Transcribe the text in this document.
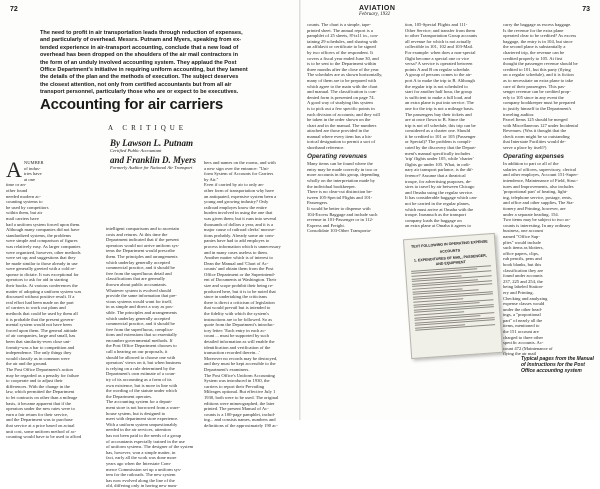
72
The need to profit in air transportation leads through reduction of expenses,
and particularly of overhead. Messrs. Putnam and Myers, speaking from ex-
tended experience in air-transport accounting, conclude that a new load of
overhead has been dropped on the shoulders of the air mail contractors in
the form of an unduly involved accounting system. They applaud the Post
Office Department's initiative in requiring uniform accounting, but they lament
the details of the plan and the methods of execution. The subject deserves
the closest attention, not only from certified accountants but from all air
transport personnel, particularly those who are or expect to be executives.
Accounting for air carriers
A CRITIQUE
By Lawson L. Putnam
Certified Public Accountant
and Franklin D. Myers
Formerly Auditor for National Air Transport
A NUMBER
of indus-
tries have
at one
time or an-
other found
needed modern ac-
counting systems to
be used by competitors
within them, but air
mail carriers have
had a uniform system forced upon them.
Although many companies did not have
standardized systems, the problems
were simple and comparison of figures
was relatively easy. As larger companies
were organized, however, other methods
were set up; and suggestions that they
be made similar to those already in use
were generally greeted with a cold re-
sponse to dictate. It was exceptional for
operators to ask for aid in starting
their books. At various conferences the
matter of adopting a uniform system was
discussed without positive result. If a
real effort had been made on the part
of carriers to work out plans and
methods that could be used by them all
it is probable that the present govern-
mental system would not have been
forced upon them. The general attitude
of air companies, large and small, has
been that similarity-even close uni-
formity-was a bar to competition and
independence. The only things they
would classify as in common were
the air and the ground.
The Post Office Department's action
may be regarded as a penalty for failure
to cooperate and to adjust their
differences. With the change in the
law, which permitted the Department
to let contracts on other than a mileage
basis, it became apparent that if the
operators under the new rates were to
earn a fair return for their service,
and the Department was to purchase
that service at a price based on actual
unit cost, some uniform method of ac-
counting would have to be used to afford
intelligent comparisons and to ascertain
costs and returns. At this time the
Department indicated that if the present
operators would not arrive uniform sys-
tems the Department would prescribe
them. The principles and arrangements
which underlay generally accepted
commercial practice, and it should be
free from the superfluous detail and
classifications that are generally
thrown about public accountants.
Whatever system is evolved should
provide the same information that pre-
vious systems would want for itself,
in as simple and direct a way as pos-
sible. The principles and arrangements
which underlay generally accepted
commercial practice, and it should be
free from the superfluous, complica-
tions and extensions that so essentially
encumber governmental methods. If
the Post Office Department chooses to
call a hearing on our proposals, it
should be allowed to choose one with
operators' views on it, but when business
is relying on a rule determined by the
Department's own estimate of a coun-
try of its accounting as a form of its
own existence, but is more in line with
the wording of the statute under which
the Department operates.
The accounting system for a depart-
ment store is not borrowed from a ware-
house system, but is designed to
meet with department store experience.
With a uniform system unquestionably
needed in the air services, attention
has not been paid to the needs of a group
of accountants especially trained in the use
of uniform systems. The designer of the system
has, however, won a simple matter, in
fact, early all the work was done more
years ago when the Interstate Com-
merce Commission set up a uniform sys-
tem for the railroads. The new system
has now evolved along the line of the
old, differing only in having new num-
bers and names on the rooms, and with
a new sign over the entrance: "Uni-
form System of Accounts for Carriers
by Air."
Even if carried by air to only an-
other form of transportation why have
an antiquated, expensive system been a
young and growing industry? Only
railroad employes know the entire
burden involved in using the one that
was given them; but it runs into several
thousands of dollars a year, and it is a
major cause of railroad clerks' morose-
tions probably. Already some air com-
panies have had to add employes to
process information which is unnecessary
and in many cases useless to them.
Another matter which is of interest to
Dean the Manual and 'Chart of Ac-
counts' and obtain them from the Post
Office Department or the Superintend-
ent of Documents at Washington. Their
size and scope prohibit their being re-
produced here, but it is to be noted that
since in undertaking the criticisms
there is direct a criticism of legislation
that would prevail but is intended to
the fidelity with which the system's
instructions are to be followed. So as
quote from the Department's introduc-
tory letter: 'Each entry in each ac-
count ... must be supported by such
detailed information as will enable the
identification and verification of the
transaction recorded therein...'
Moreover no records may be destroyed,
and they must be kept accessible to the
Department's examiners.
The Post Office's Uniform Accounting
System was introduced in 1930, the
carriers to report their Prevailing
Mileages optional. But effective July 1
1930, both were to be used. The original
editions were mimeographed, the later
printed. The present Manual of Ac-
counts is a 100-page pamphlet, includ-
ing... and consists names, numbers and
definitions of the approximately 190 ac-
AVIATION
February, 1932
73
counts. The chart is a simple, tape-
printed sheet. The annual report is a
pamphlet of 25 sheets, 8½x11 in., con-
taining 29 schedules, and sharing with
an affidavit or certificate to be signed
by two officers of the respondent. It
covers a fiscal year ended June 30, and
is to be sent to the Department within
three months after the close of the year.
The schedules are as shown horizontally,
many of them are to be prepared with
which agree to the main with the chart
and manual. The classification is con-
denied form is presented on page 74.
A good way of studying this system
is to pick out a few specific points in
each division of accounts; and they will
be taken in the order shown on the
chart and in the manual. The numbers
attached are those provided in the
manual where every item has a his-
torical designation to permit a sort of
shorthand reference.
Operating revenues
Many items can be found where the
entry may be made correctly in two or
more accounts in this group, depending
wholly on the interpretation made by
the individual bookkeeper.
There is no clear-cut distinction be-
tween 105-Special Flights and 101-
Passengers.
It would be better to dispense with
104-Excess Baggage and include such
revenue in 101-Passenger or in 112-
Express and Freight.
Consolidate 103-Other Transporta-
tion, 105-Special Flights and 111-
Other Service; and transfer from them
to other Transportation Group accounts
all revenue for which is not actually
collectible in 101, 102 and 103-Mail.
For example: when does a non-special
flight become a special one or vice
versa? A service is operated between
points A and B on regular schedule.
A group of persons comes to the air-
port A to make the trip to B. Although
the regular trip is not scheduled to
start for another half hour, the group
is sufficient to make a full load, and
an extra plane is put into service. The
one for the trip is not a mileage basis.
The passengers buy their tickets and
are at once flown to B. Since the
trip is not off schedule, this trip can be
considered as a charter one. Should
it be credited to 101 or 105 (Passenger
or Special)? The problem is compli-
cated by the discovery that the Depart-
ment's manual specifically includes
'trip' flights under 105, while 'charter'
flights go under 105. What, in ordi-
nary air transport parlance, is the dif-
ference? Assume that a theatrical
troupe, for advertising purposes, de-
sires to travel by air between Chicago
and Omaha using the regular service.
It has considerable baggage which can-
not be carried in the regular planes,
which must arrive at Omaha with the
troupe. Inasmuch as the transport
company loads the baggage on
an extra plane at Omaha it agrees to
carry the baggage as excess baggage.
Is the revenue for the extra plane
operated clear to be credited? As excess
baggage, the entry is in 104, but since
the second plane is substantially a
chartered trip, the revenue can be
credited properly to 105. At first
thought the passenger revenue should be
credited to 101, but this party (flying
on a regular schedule), and it is fiction
as to necessitate an extra plane to take
care of their passengers. This pas-
senger revenue can be credited prop-
erly to 105 since in any event the
company bookkeeper must be prepared
to justify himself to the Department's
traveling auditor.
Parcel Items 125 should be merged
with Miscellaneous 127 under Incidental
Revenues. (Was it thought that the
check room might be so outstanding
that Interstate Facilities would de-
serve a place by itself?)
Operating expenses
In addition to part or all of the
salaries of officers, supervisory, clerical
and other employes, Account 151-Super-
intendence, Maintenance of Field, Struc-
tures and Improvements, also includes
'proportional part' of heating, light-
ing, telephone service, postage, rents,
and office and other supplies, The Sta-
tionery and Printing, however, are
under a separate heading. 154.
Two items may be subject to two ac-
counts is interesting. In any ordinary
business, one account
named "Office Sup-
plies" would include
such items as blotters,
office papers, clips,
rub pencils, pens and
book blanks, but this
classification they are
found under accounts
237, 225 and 254, the
being labeled Station-
ery and Printing.
Checking and analyzing
expense classes would
under the other head-
ings, a "proportional
part" of nearly all the
items, mentioned to
the 151 account are
charged to three other
specific accounts. Ac-
count 472 (Maintenance of
flying the air mail
TEXT FOLLOWING IN OPERATING EXPENSE
ACCOUNTS
1. EXPENDITURES OF MAIL, PASSENGER, AND EQUIPMENT
Typical pages from the Manual of Instructions for the Post Office accounting system
